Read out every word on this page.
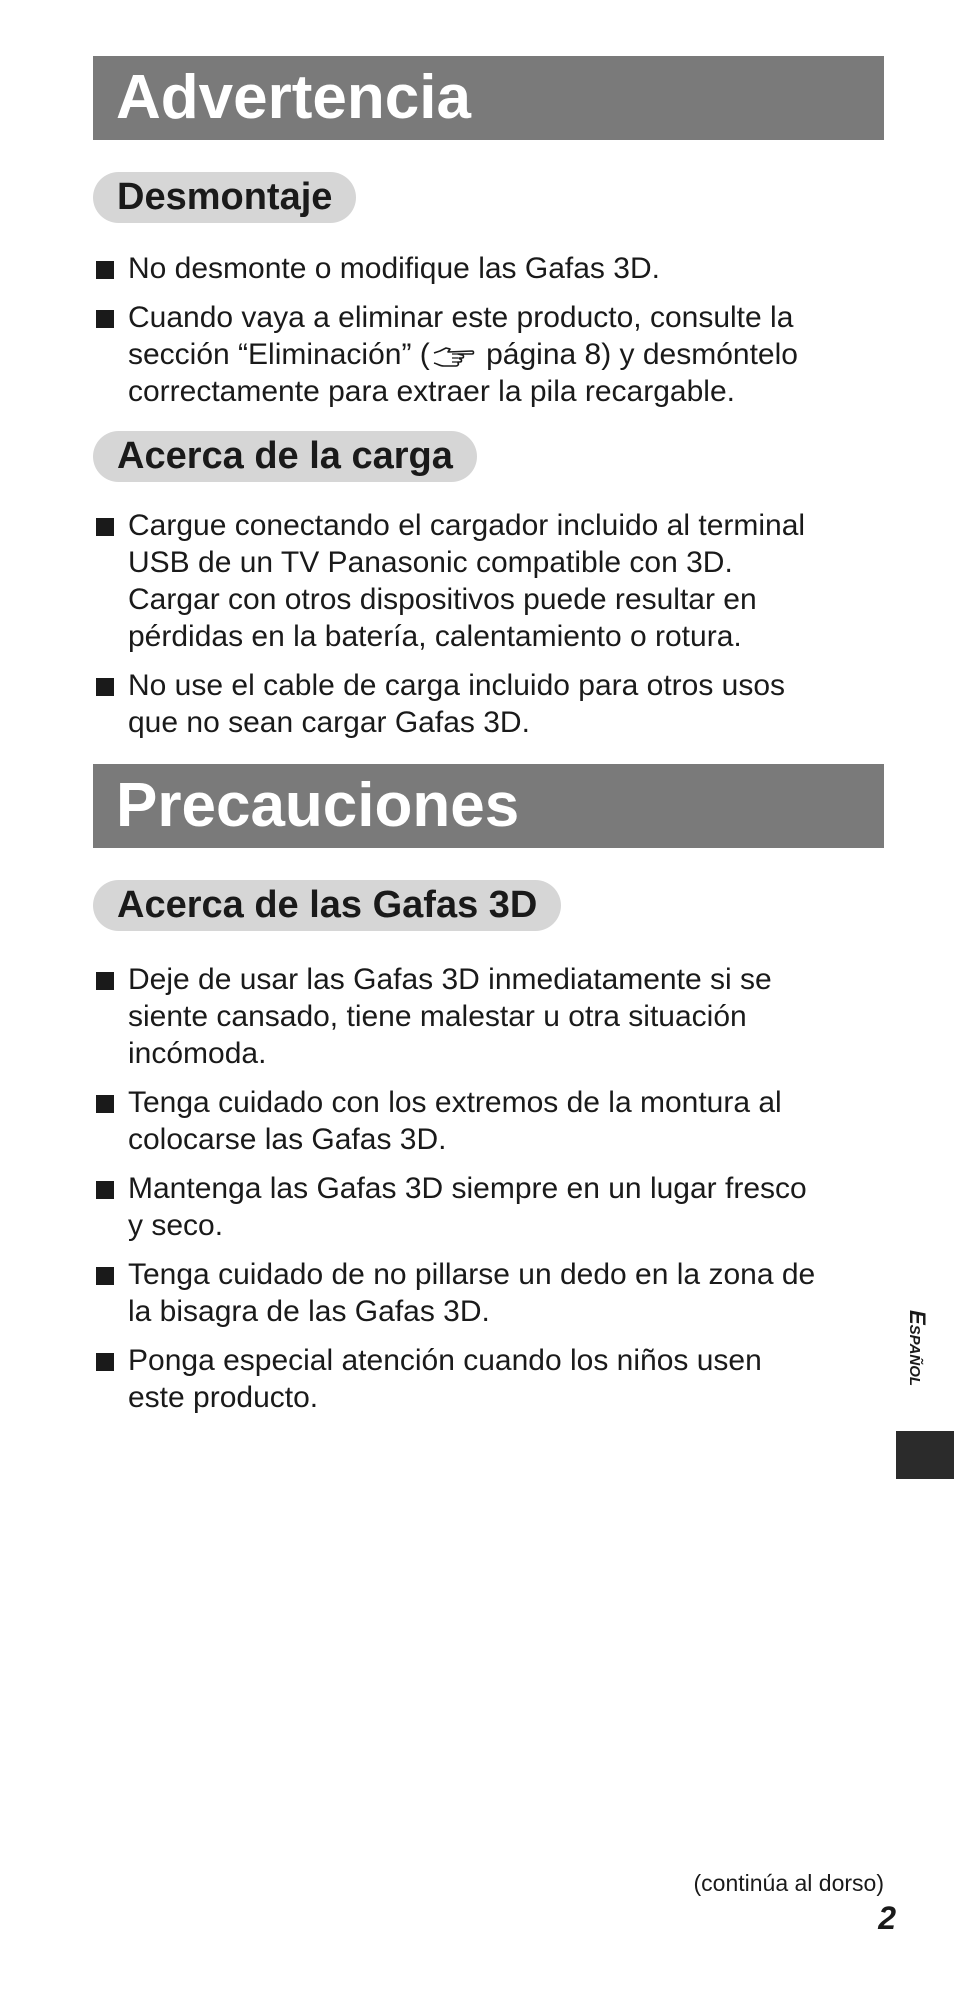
Advertencia
Desmontaje
No desmonte o modifique las Gafas 3D.
Cuando vaya a eliminar este producto, consulte la
sección “Eliminación” ( página 8) y desmóntelo
correctamente para extraer la pila recargable.
Acerca de la carga
Cargue conectando el cargador incluido al terminal
USB de un TV Panasonic compatible con 3D.
Cargar con otros dispositivos puede resultar en
pérdidas en la batería, calentamiento o rotura.
No use el cable de carga incluido para otros usos
que no sean cargar Gafas 3D.
Precauciones
Acerca de las Gafas 3D
Deje de usar las Gafas 3D inmediatamente si se
siente cansado, tiene malestar u otra situación
incómoda.
Tenga cuidado con los extremos de la montura al
colocarse las Gafas 3D.
Mantenga las Gafas 3D siempre en un lugar fresco
y seco.
Tenga cuidado de no pillarse un dedo en la zona de
la bisagra de las Gafas 3D.
Ponga especial atención cuando los niños usen
este producto.
Español
(continúa al dorso)
2
